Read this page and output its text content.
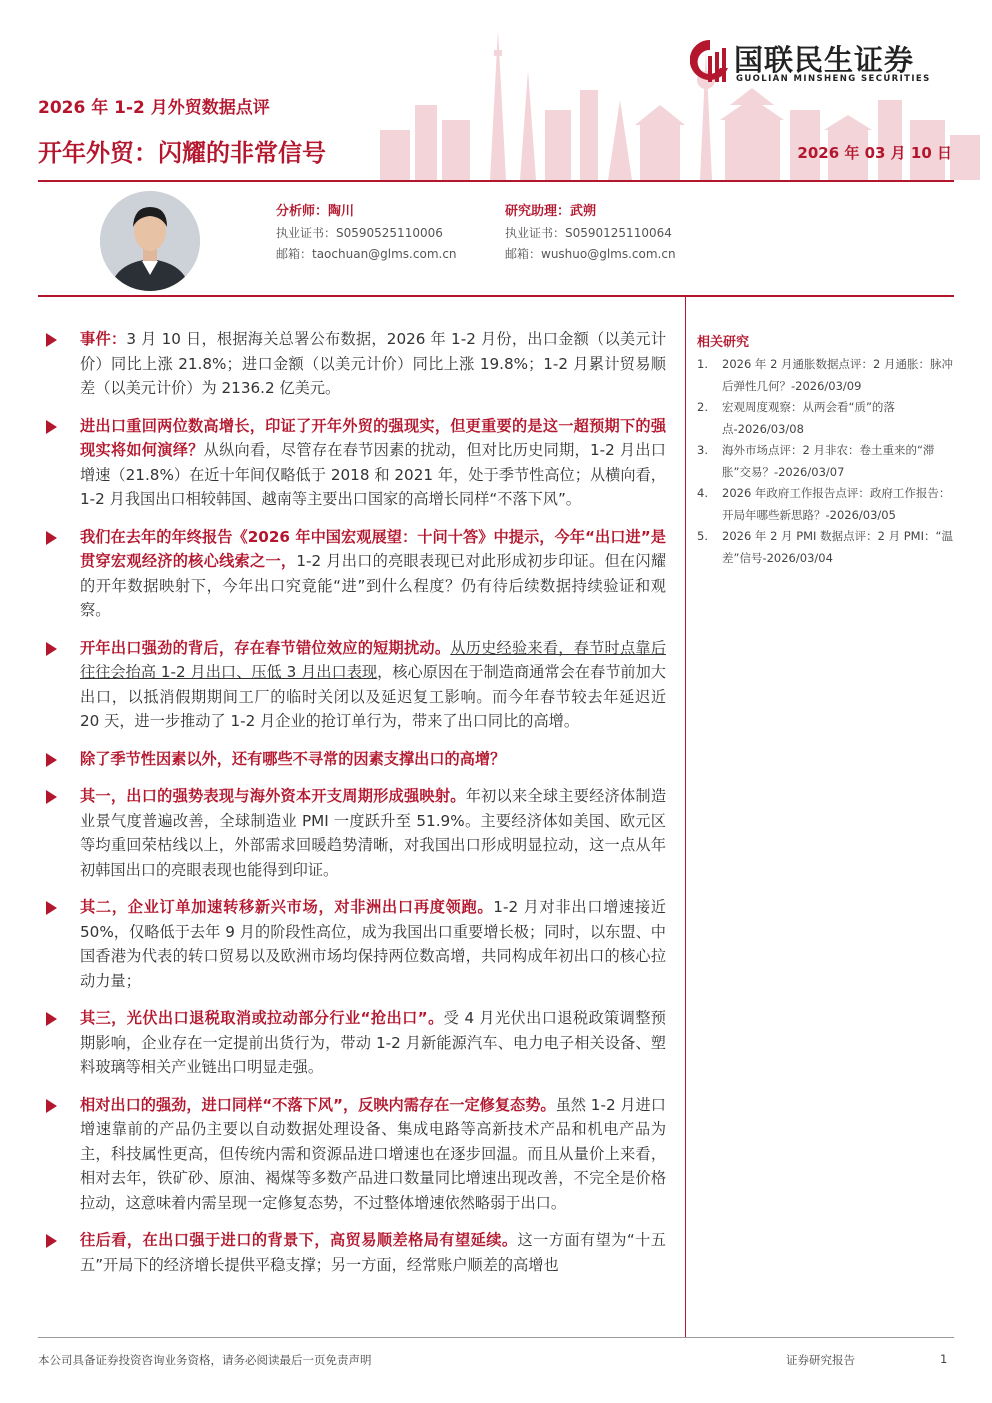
国联民生证券
GUOLIAN MINSHENG SECURITIES
2026 年 1-2 月外贸数据点评
开年外贸：闪耀的非常信号	2026 年 03 月 10 日
分析师：陶川
执业证书：S0590525110006
邮箱：taochuan@glms.com.cn
研究助理：武朔
执业证书：S0590125110064
邮箱：wushuo@glms.com.cn

事件：3 月 10 日，根据海关总署公布数据，2026 年 1-2 月份，出口金额（以美元计价）同比上涨 21.8%；进口金额（以美元计价）同比上涨 19.8%；1-2 月累计贸易顺差（以美元计价）为 2136.2 亿美元。

进出口重回两位数高增长，印证了开年外贸的强现实，但更重要的是这一超预期下的强现实将如何演绎？从纵向看，尽管存在春节因素的扰动，但对比历史同期，1-2 月出口增速（21.8%）在近十年间仅略低于 2018 和 2021 年，处于季节性高位；从横向看，1-2 月我国出口相较韩国、越南等主要出口国家的高增长同样“不落下风”。

我们在去年的年终报告《2026 年中国宏观展望：十问十答》中提示，今年“出口进”是贯穿宏观经济的核心线索之一，1-2 月出口的亮眼表现已对此形成初步印证。但在闪耀的开年数据映射下，今年出口究竟能“进”到什么程度？仍有待后续数据持续验证和观察。

开年出口强劲的背后，存在春节错位效应的短期扰动。从历史经验来看，春节时点靠后往往会抬高 1-2 月出口、压低 3 月出口表现，核心原因在于制造商通常会在春节前加大出口，以抵消假期期间工厂的临时关闭以及延迟复工影响。而今年春节较去年延迟近 20 天，进一步推动了 1-2 月企业的抢订单行为，带来了出口同比的高增。

除了季节性因素以外，还有哪些不寻常的因素支撑出口的高增？

其一，出口的强势表现与海外资本开支周期形成强映射。年初以来全球主要经济体制造业景气度普遍改善，全球制造业 PMI 一度跃升至 51.9%。主要经济体如美国、欧元区等均重回荣枯线以上，外部需求回暖趋势清晰，对我国出口形成明显拉动，这一点从年初韩国出口的亮眼表现也能得到印证。

其二，企业订单加速转移新兴市场，对非洲出口再度领跑。1-2 月对非出口增速接近 50%，仅略低于去年 9 月的阶段性高位，成为我国出口重要增长极；同时，以东盟、中国香港为代表的转口贸易以及欧洲市场均保持两位数高增，共同构成年初出口的核心拉动力量；

其三，光伏出口退税取消或拉动部分行业“抢出口”。受 4 月光伏出口退税政策调整预期影响，企业存在一定提前出货行为，带动 1-2 月新能源汽车、电力电子相关设备、塑料玻璃等相关产业链出口明显走强。

相对出口的强劲，进口同样“不落下风”，反映内需存在一定修复态势。虽然 1-2 月进口增速靠前的产品仍主要以自动数据处理设备、集成电路等高新技术产品和机电产品为主，科技属性更高，但传统内需和资源品进口增速也在逐步回温。而且从量价上来看，相对去年，铁矿砂、原油、褐煤等多数产品进口数量同比增速出现改善，不完全是价格拉动，这意味着内需呈现一定修复态势，不过整体增速依然略弱于出口。

往后看，在出口强于进口的背景下，高贸易顺差格局有望延续。这一方面有望为“十五五”开局下的经济增长提供平稳支撑；另一方面，经常账户顺差的高增也

相关研究

1. 2026 年 2 月通胀数据点评：2 月通胀：脉冲后弹性几何？-2026/03/09

2. 宏观周度观察：从两会看“质”的落点-2026/03/08

3. 海外市场点评：2 月非农：卷土重来的“滞胀”交易？-2026/03/07

4. 2026 年政府工作报告点评：政府工作报告：开局年哪些新思路？-2026/03/05

5. 2026 年 2 月 PMI 数据点评：2 月 PMI：“温差”信号-2026/03/04

本公司具备证券投资咨询业务资格，请务必阅读最后一页免责声明	证券研究报告	1
